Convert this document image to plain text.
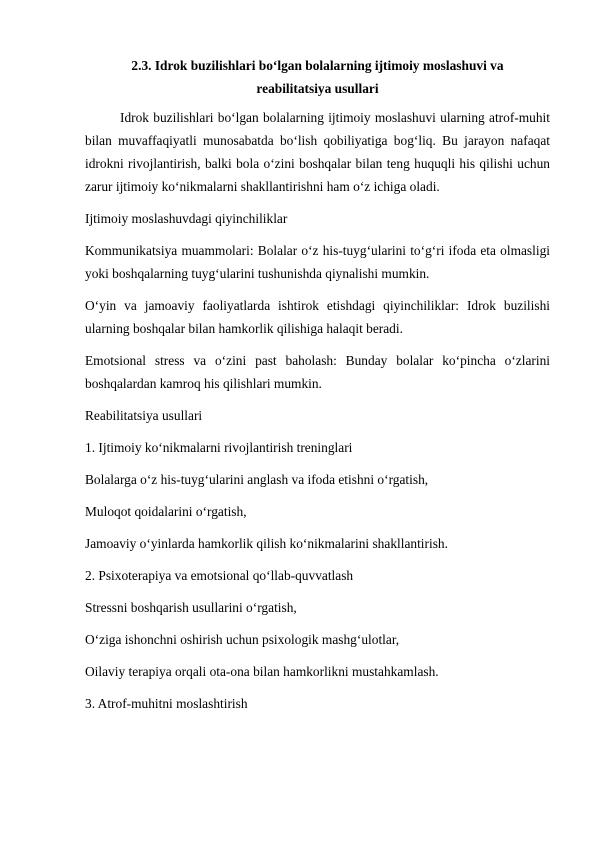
2.3. Idrok buzilishlari bo‘lgan bolalarning ijtimoiy moslashuvi va
reabilitatsiya usullari

Idrok buzilishlari bo‘lgan bolalarning ijtimoiy moslashuvi ularning atrof-muhit bilan muvaffaqiyatli munosabatda bo‘lish qobiliyatiga bog‘liq. Bu jarayon nafaqat idrokni rivojlantirish, balki bola o‘zini boshqalar bilan teng huquqli his qilishi uchun zarur ijtimoiy ko‘nikmalarni shakllantirishni ham o‘z ichiga oladi.

Ijtimoiy moslashuvdagi qiyinchiliklar

Kommunikatsiya muammolari: Bolalar o‘z his-tuyg‘ularini to‘g‘ri ifoda eta olmasligi yoki boshqalarning tuyg‘ularini tushunishda qiynalishi mumkin.

O‘yin va jamoaviy faoliyatlarda ishtirok etishdagi qiyinchiliklar: Idrok buzilishi ularning boshqalar bilan hamkorlik qilishiga halaqit beradi.

Emotsional stress va o‘zini past baholash: Bunday bolalar ko‘pincha o‘zlarini boshqalardan kamroq his qilishlari mumkin.

Reabilitatsiya usullari

1. Ijtimoiy ko‘nikmalarni rivojlantirish treninglari

Bolalarga o‘z his-tuyg‘ularini anglash va ifoda etishni o‘rgatish,

Muloqot qoidalarini o‘rgatish,

Jamoaviy o‘yinlarda hamkorlik qilish ko‘nikmalarini shakllantirish.

2. Psixoterapiya va emotsional qo‘llab-quvvatlash

Stressni boshqarish usullarini o‘rgatish,

O‘ziga ishonchni oshirish uchun psixologik mashg‘ulotlar,

Oilaviy terapiya orqali ota-ona bilan hamkorlikni mustahkamlash.

3. Atrof-muhitni moslashtirish
